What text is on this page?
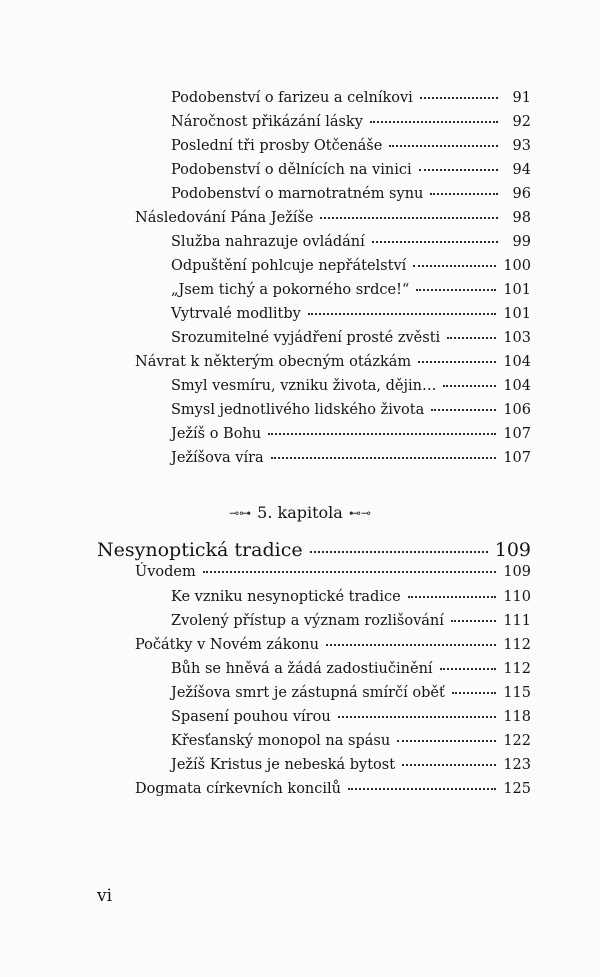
Podobenství o farizeu a celníkovi	91
Náročnost přikázání lásky	92
Poslední tři prosby Otčenáše	93
Podobenství o dělnících na vinici	94
Podobenství o marnotratném synu	96
Následování Pána Ježíše	98
Služba nahrazuje ovládání	99
Odpuštění pohlcuje nepřátelství	100
„Jsem tichý a pokorného srdce!“	101
Vytrvalé modlitby	101
Srozumitelné vyjádření prosté zvěsti	103
Návrat k některým obecným otázkám	104
Smyl vesmíru, vzniku života, dějin…	104
Smysl jednotlivého lidského života	106
Ježíš o Bohu	107
Ježíšova víra	107
⊸⊶ 5. kapitola ⊷⊸
Nesynoptická tradice	109
Úvodem	109
Ke vzniku nesynoptické tradice	110
Zvolený přístup a význam rozlišování	111
Počátky v Novém zákonu	112
Bůh se hněvá a žádá zadostiučinění	112
Ježíšova smrt je zástupná smírčí oběť	115
Spasení pouhou vírou	118
Křesťanský monopol na spásu	122
Ježíš Kristus je nebeská bytost	123
Dogmata církevních koncilů	125
vi
